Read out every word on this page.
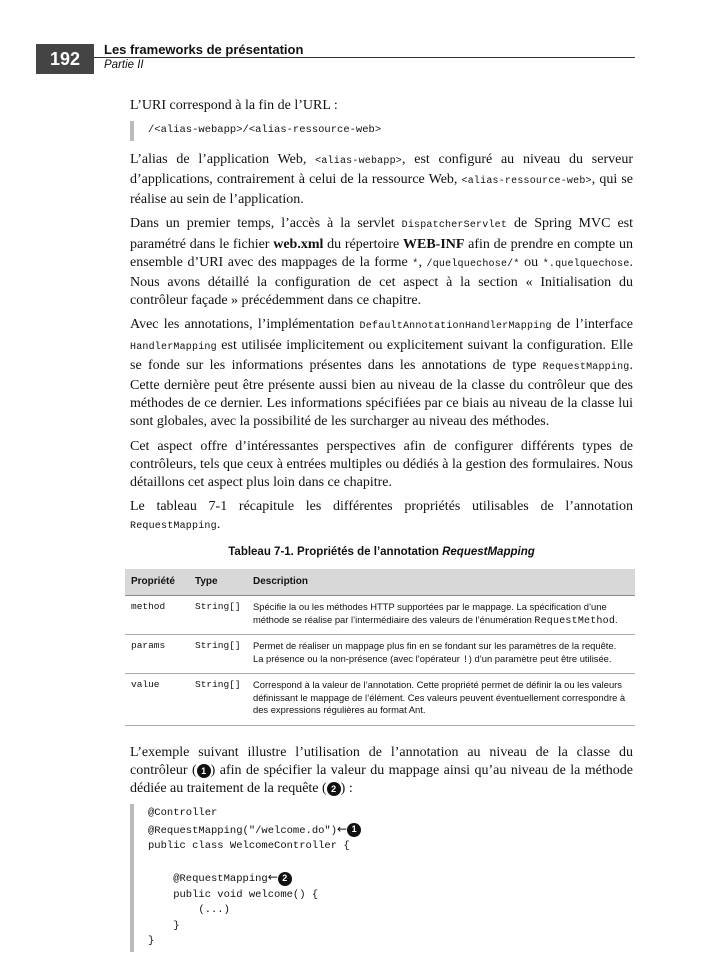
192	Les frameworks de présentation
Partie II

L’URI correspond à la fin de l’URL :

/<alias-webapp>/<alias-ressource-web>

L’alias de l’application Web, <alias-webapp>, est configuré au niveau du serveur d’applications, contrairement à celui de la ressource Web, <alias-ressource-web>, qui se réalise au sein de l’application.

Dans un premier temps, l’accès à la servlet DispatcherServlet de Spring MVC est paramétré dans le fichier web.xml du répertoire WEB-INF afin de prendre en compte un ensemble d’URI avec des mappages de la forme *, /quelquechose/* ou *.quelquechose. Nous avons détaillé la configuration de cet aspect à la section « Initialisation du contrôleur façade » précédemment dans ce chapitre.

Avec les annotations, l’implémentation DefaultAnnotationHandlerMapping de l’interface HandlerMapping est utilisée implicitement ou explicitement suivant la configuration. Elle se fonde sur les informations présentes dans les annotations de type RequestMapping. Cette dernière peut être présente aussi bien au niveau de la classe du contrôleur que des méthodes de ce dernier. Les informations spécifiées par ce biais au niveau de la classe lui sont globales, avec la possibilité de les surcharger au niveau des méthodes.

Cet aspect offre d’intéressantes perspectives afin de configurer différents types de contrôleurs, tels que ceux à entrées multiples ou dédiés à la gestion des formulaires. Nous détaillons cet aspect plus loin dans ce chapitre.

Le tableau 7-1 récapitule les différentes propriétés utilisables de l’annotation RequestMapping.

Tableau 7-1. Propriétés de l’annotation RequestMapping
Propriété	Type	Description
method	String[]	Spécifie la ou les méthodes HTTP supportées par le mappage. La spécification d’une méthode se réalise par l’intermédiaire des valeurs de l’énumération RequestMethod.
params	String[]	Permet de réaliser un mappage plus fin en se fondant sur les paramètres de la requête. La présence ou la non-présence (avec l’opérateur !) d’un paramètre peut être utilisée.
value	String[]	Correspond à la valeur de l’annotation. Cette propriété permet de définir la ou les valeurs définissant le mappage de l’élément. Ces valeurs peuvent éventuellement correspondre à des expressions régulières au format Ant.

L’exemple suivant illustre l’utilisation de l’annotation au niveau de la classe du contrôleur ( 1 ) afin de spécifier la valeur du mappage ainsi qu’au niveau de la méthode dédiée au traitement de la requête ( 2 ) :

@Controller
@RequestMapping("/welcome.do")← 1
public class WelcomeController {

@RequestMapping← 2
public void welcome() {
(...)
}
}
